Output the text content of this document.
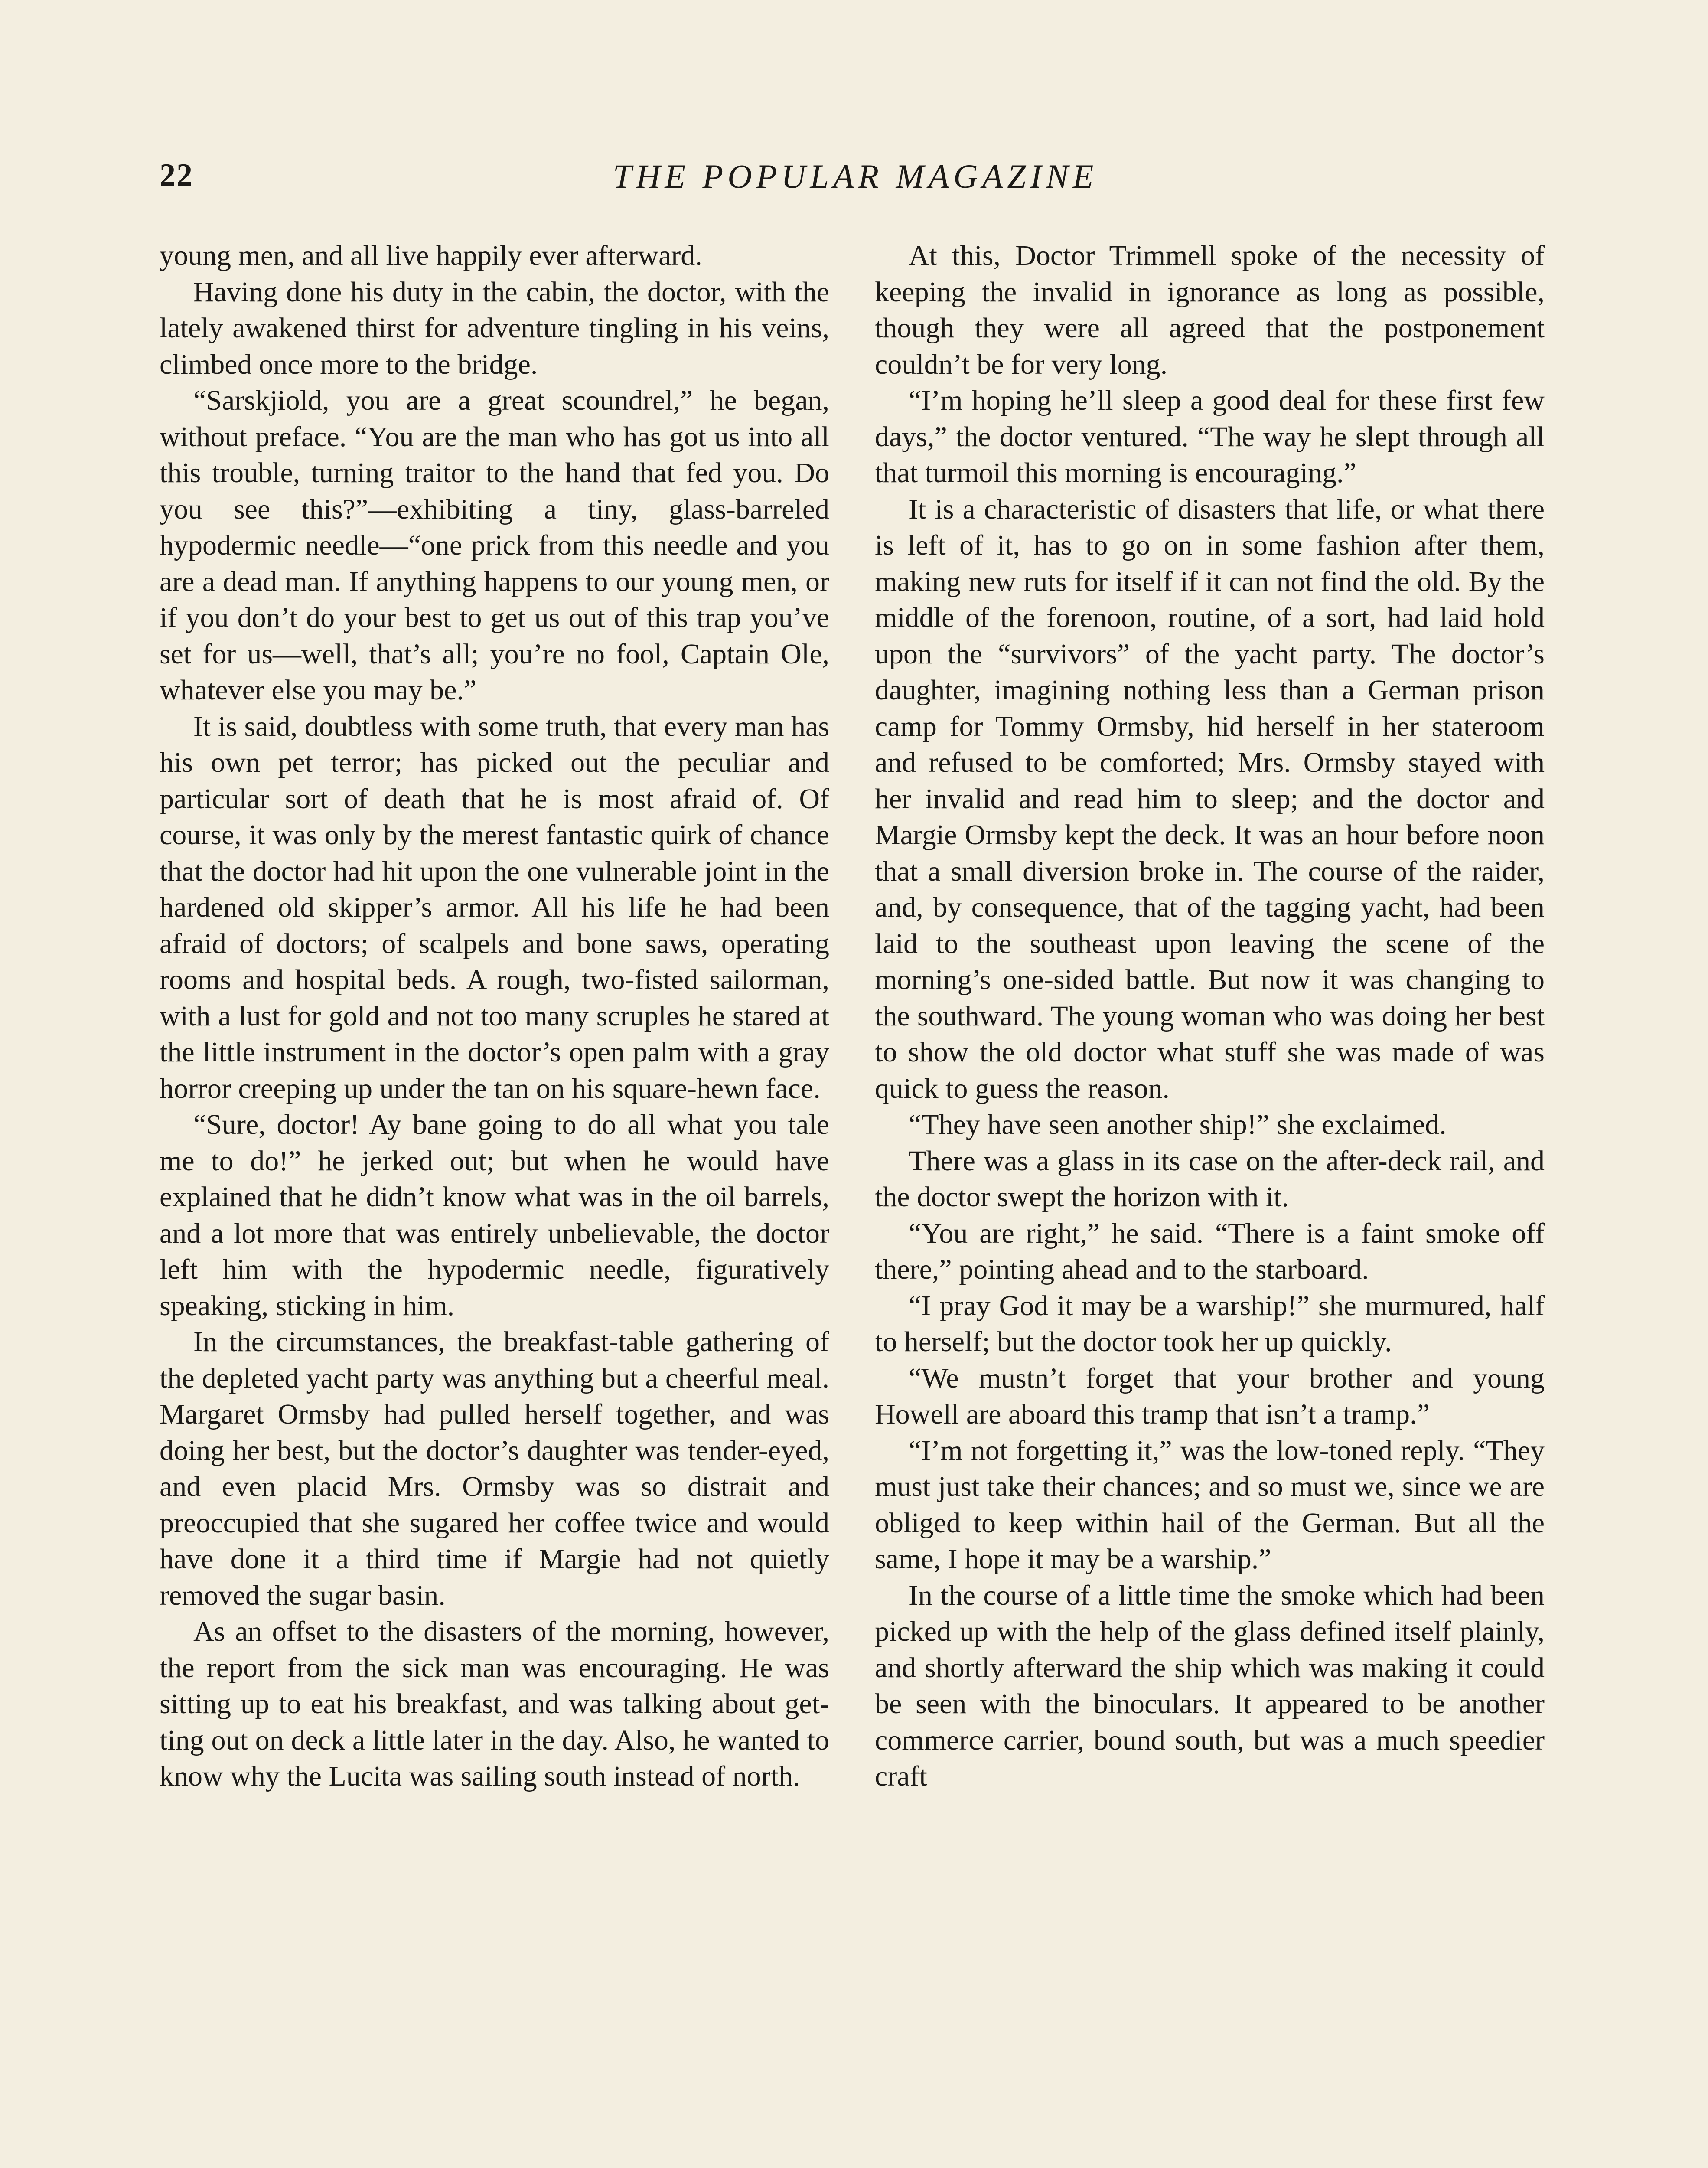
22	THE POPULAR MAGAZINE

young men, and all live happily ever afterward.

Having done his duty in the cabin, the doctor, with the lately awakened thirst for adventure tingling in his veins, climbed once more to the bridge.

“Sarskjiold, you are a great scoundrel,” he began, without preface. “You are the man who has got us into all this trouble, turning traitor to the hand that fed you. Do you see this?”—exhibiting a tiny, glass-barreled hypodermic needle—“one prick from this needle and you are a dead man. If anything happens to our young men, or if you don’t do your best to get us out of this trap you’ve set for us—well, that’s all; you’re no fool, Captain Ole, whatever else you may be.”

It is said, doubtless with some truth, that every man has his own pet terror; has picked out the peculiar and particular sort of death that he is most afraid of. Of course, it was only by the merest fantastic quirk of chance that the doctor had hit upon the one vulnerable joint in the hardened old skipper’s armor. All his life he had been afraid of doctors; of scalpels and bone saws, operating rooms and hospital beds. A rough, two-fisted sailorman, with a lust for gold and not too many scruples he stared at the little instrument in the doctor’s open palm with a gray horror creeping up under the tan on his square-hewn face.

“Sure, doctor! Ay bane going to do all what you tale me to do!” he jerked out; but when he would have explained that he didn’t know what was in the oil barrels, and a lot more that was entirely unbelievable, the doctor left him with the hypodermic needle, figuratively speaking, sticking in him.

In the circumstances, the breakfast-table gathering of the depleted yacht party was anything but a cheerful meal. Margaret Ormsby had pulled herself together, and was doing her best, but the doctor’s daughter was tender-eyed, and even placid Mrs. Ormsby was so distrait and preoccupied that she sugared her coffee twice and would have done it a third time if Margie had not quietly removed the sugar basin.

As an offset to the disasters of the morning, however, the report from the sick man was encouraging. He was sitting up to eat his breakfast, and was talking about getting out on deck a little later in the day. Also, he wanted to know why the Lucita was sailing south instead of north.

At this, Doctor Trimmell spoke of the necessity of keeping the invalid in ignorance as long as possible, though they were all agreed that the postponement couldn’t be for very long.

“I’m hoping he’ll sleep a good deal for these first few days,” the doctor ventured. “The way he slept through all that turmoil this morning is encouraging.”

It is a characteristic of disasters that life, or what there is left of it, has to go on in some fashion after them, making new ruts for itself if it can not find the old. By the middle of the forenoon, routine, of a sort, had laid hold upon the “survivors” of the yacht party. The doctor’s daughter, imagining nothing less than a German prison camp for Tommy Ormsby, hid herself in her stateroom and refused to be comforted; Mrs. Ormsby stayed with her invalid and read him to sleep; and the doctor and Margie Ormsby kept the deck. It was an hour before noon that a small diversion broke in. The course of the raider, and, by consequence, that of the tagging yacht, had been laid to the southeast upon leaving the scene of the morning’s one-sided battle. But now it was changing to the southward. The young woman who was doing her best to show the old doctor what stuff she was made of was quick to guess the reason.

“They have seen another ship!” she exclaimed.

There was a glass in its case on the after-deck rail, and the doctor swept the horizon with it.

“You are right,” he said. “There is a faint smoke off there,” pointing ahead and to the starboard.

“I pray God it may be a warship!” she murmured, half to herself; but the doctor took her up quickly.

“We mustn’t forget that your brother and young Howell are aboard this tramp that isn’t a tramp.”

“I’m not forgetting it,” was the low-toned reply. “They must just take their chances; and so must we, since we are obliged to keep within hail of the German. But all the same, I hope it may be a warship.”

In the course of a little time the smoke which had been picked up with the help of the glass defined itself plainly, and shortly afterward the ship which was making it could be seen with the binoculars. It appeared to be another commerce carrier, bound south, but was a much speedier craft
